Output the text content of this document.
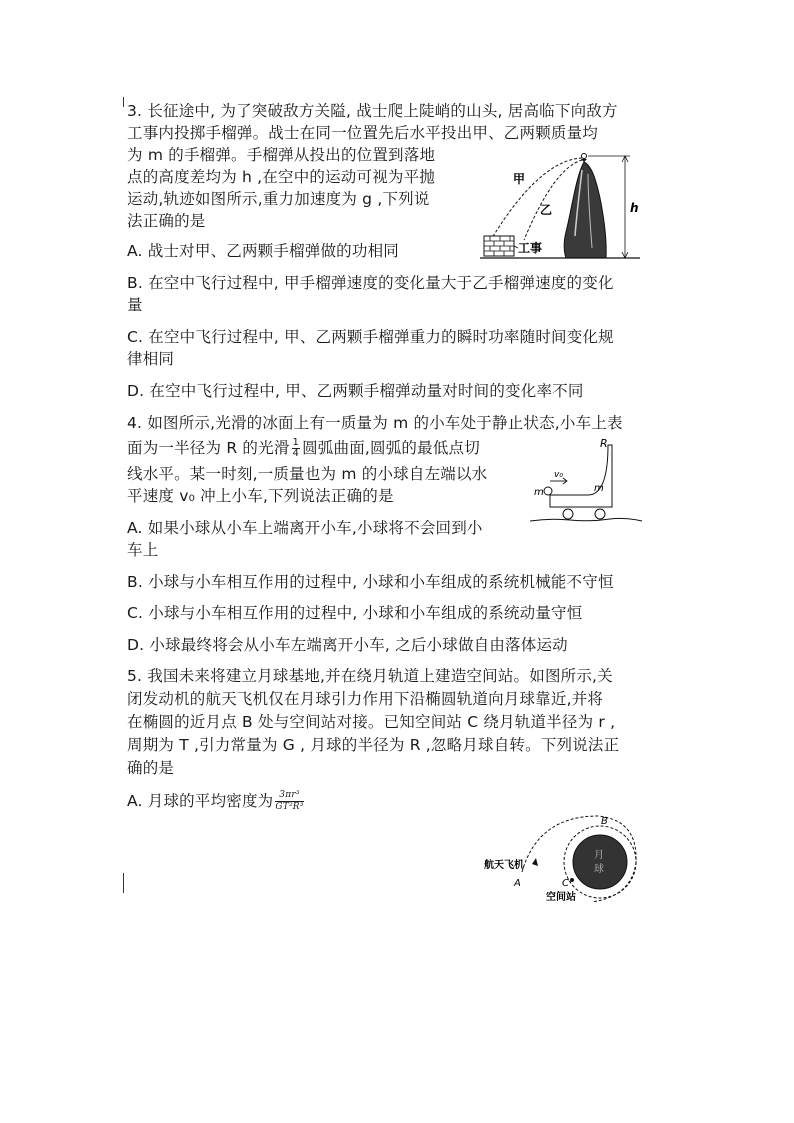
3. 长征途中, 为了突破敌方关隘, 战士爬上陡峭的山头, 居高临下向敌方
工事内投掷手榴弹。战士在同一位置先后水平投出甲、乙两颗质量均
为 m 的手榴弹。手榴弹从投出的位置到落地
点的高度差均为 h ,在空中的运动可视为平抛
运动,轨迹如图所示,重力加速度为 g ,下列说
法正确的是
A. 战士对甲、乙两颗手榴弹做的功相同
B. 在空中飞行过程中, 甲手榴弹速度的变化量大于乙手榴弹速度的变化
量
C. 在空中飞行过程中, 甲、乙两颗手榴弹重力的瞬时功率随时间变化规
律相同
D. 在空中飞行过程中, 甲、乙两颗手榴弹动量对时间的变化率不同
甲
乙	h
工事
4. 如图所示,光滑的冰面上有一质量为 m 的小车处于静止状态,小车上表
面为一半径为 R 的光滑 $\frac{1}{4}$ 圆弧曲面,圆弧的最低点切
线水平。某一时刻,一质量也为 m 的小球自左端以水
平速度 v₀ 冲上小车,下列说法正确的是
A. 如果小球从小车上端离开小车,小球将不会回到小
车上
B. 小球与小车相互作用的过程中, 小球和小车组成的系统机械能不守恒
C. 小球与小车相互作用的过程中, 小球和小车组成的系统动量守恒
D. 小球最终将会从小车左端离开小车, 之后小球做自由落体运动
R
m
v₀
m
5. 我国未来将建立月球基地,并在绕月轨道上建造空间站。如图所示,关
闭发动机的航天飞机仅在月球引力作用下沿椭圆轨道向月球靠近,并将
在椭圆的近月点 B 处与空间站对接。已知空间站 C 绕月轨道半径为 r ,
周期为 T ,引力常量为 G , 月球的半径为 R ,忽略月球自转。下列说法正
确的是
A. 月球的平均密度为 $\frac{\text{3πr³}}{\text{GT²R³}}$
月
球
B
航天飞机
A	C
空间站
